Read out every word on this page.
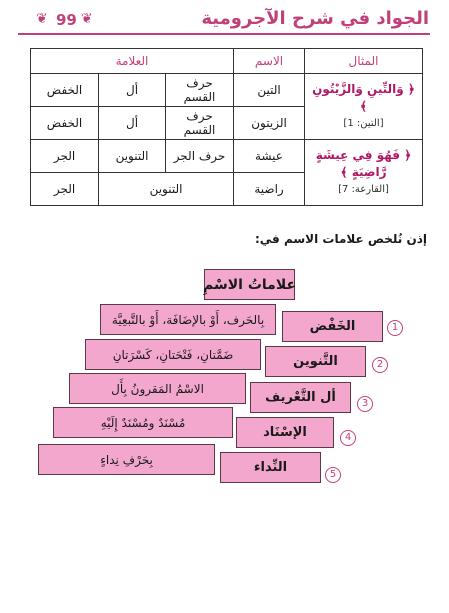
❦ 99 ❦	الجواد في شرح الآجرومية
المثال	الاسم	العلامة		

﴿ وَالتِّينِ وَالزَّيْتُونِ ﴾
[التين: 1]	التين	حرف القسم	أل	الخفض
	الزيتون	حرف القسم	أل	الخفض

﴿ فَهُوَ فِي عِيشَةٍ رَّاضِيَةٍ ﴾
[القارعة: 7]	عيشة	حرف الجر	التنوين	الجر
	راضية	التنوين		الجر
إذن نُلخص علامات الاسم في:
علاماتُ الاسْمِ
1
الخَفْض
بِالحَرف، أَوْ بالإضَافَة، أَوْ بالتَّبعِيَّة
2
التَّنوين
ضَمَّتانِ، فَتْحَتانِ، كَسْرَتانِ
3
أل التَّعْريف
الاسْمُ المَقرونُ بِأَل
4
الإسْنَاد
مُسْنَدٌ ومُسْنَدٌ إِلَيْهِ
5
النِّداء
بِحَرْفِ نِداءٍ
